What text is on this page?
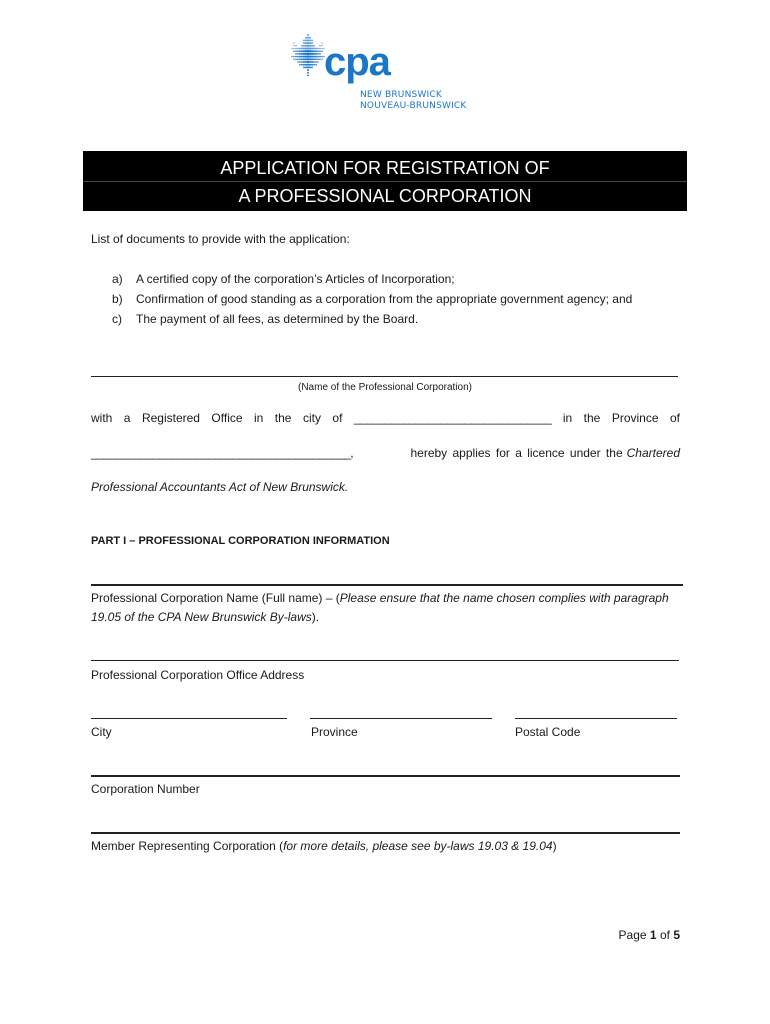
cpa
NEW BRUNSWICK
NOUVEAU-BRUNSWICK
APPLICATION FOR REGISTRATION OF
A PROFESSIONAL CORPORATION
List of documents to provide with the application:
a) A certified copy of the corporation’s Articles of Incorporation;
b) Confirmation of good standing as a corporation from the appropriate government agency; and
c) The payment of all fees, as determined by the Board.
(Name of the Professional Corporation)
with a Registered Office in the city of ________________________________ in the Province of
__________________________________________,	hereby applies for a licence under the Chartered
Professional Accountants Act of New Brunswick.
PART I – PROFESSIONAL CORPORATION INFORMATION
Professional Corporation Name (Full name) – (Please ensure that the name chosen complies with paragraph
19.05 of the CPA New Brunswick By-laws).
Professional Corporation Office Address
City	Province	Postal Code
Corporation Number
Member Representing Corporation (for more details, please see by-laws 19.03 & 19.04)
Page 1 of 5
